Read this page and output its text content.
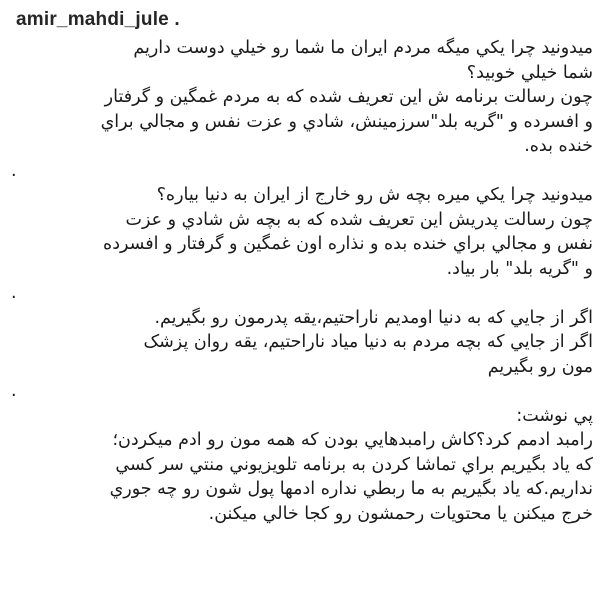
amir_mahdi_jule .
میدونید چرا یکي میگه مردم ایران ما شما رو خیلي دوست داریم
شما خیلي خوبید؟
چون رسالت برنامه ش این تعریف شده که به مردم غمگین و گرفتار
و افسرده و "گریه بلد"سرزمینش، شادي و عزت نفس و مجالي براي
خنده بده.
.
میدونید چرا یکي میره بچه ش رو خارج از ایران به دنیا بیاره؟
چون رسالت پدریش این تعریف شده که به بچه ش شادي و عزت
نفس و مجالي براي خنده بده و نذاره اون غمگین و گرفتار و افسرده
و "گریه بلد" بار بیاد.
.
اگر از جایي که به دنیا اومدیم ناراحتیم،یقه پدرمون رو بگیریم.
اگر از جایي که بچه مردم به دنیا میاد ناراحتیم، یقه روان پزشک
مون رو بگیریم
.
پي نوشت:
رامبد ادمم کرد؟کاش رامبدهایي بودن که همه مون رو ادم میکردن؛
که یاد بگیریم براي تماشا کردن به برنامه تلویزیوني منتي سر کسي
نداریم.که یاد بگیریم به ما ربطي نداره ادمها پول شون رو چه جوري
خرج میکنن یا محتویات رحمشون رو کجا خالي میکنن.
